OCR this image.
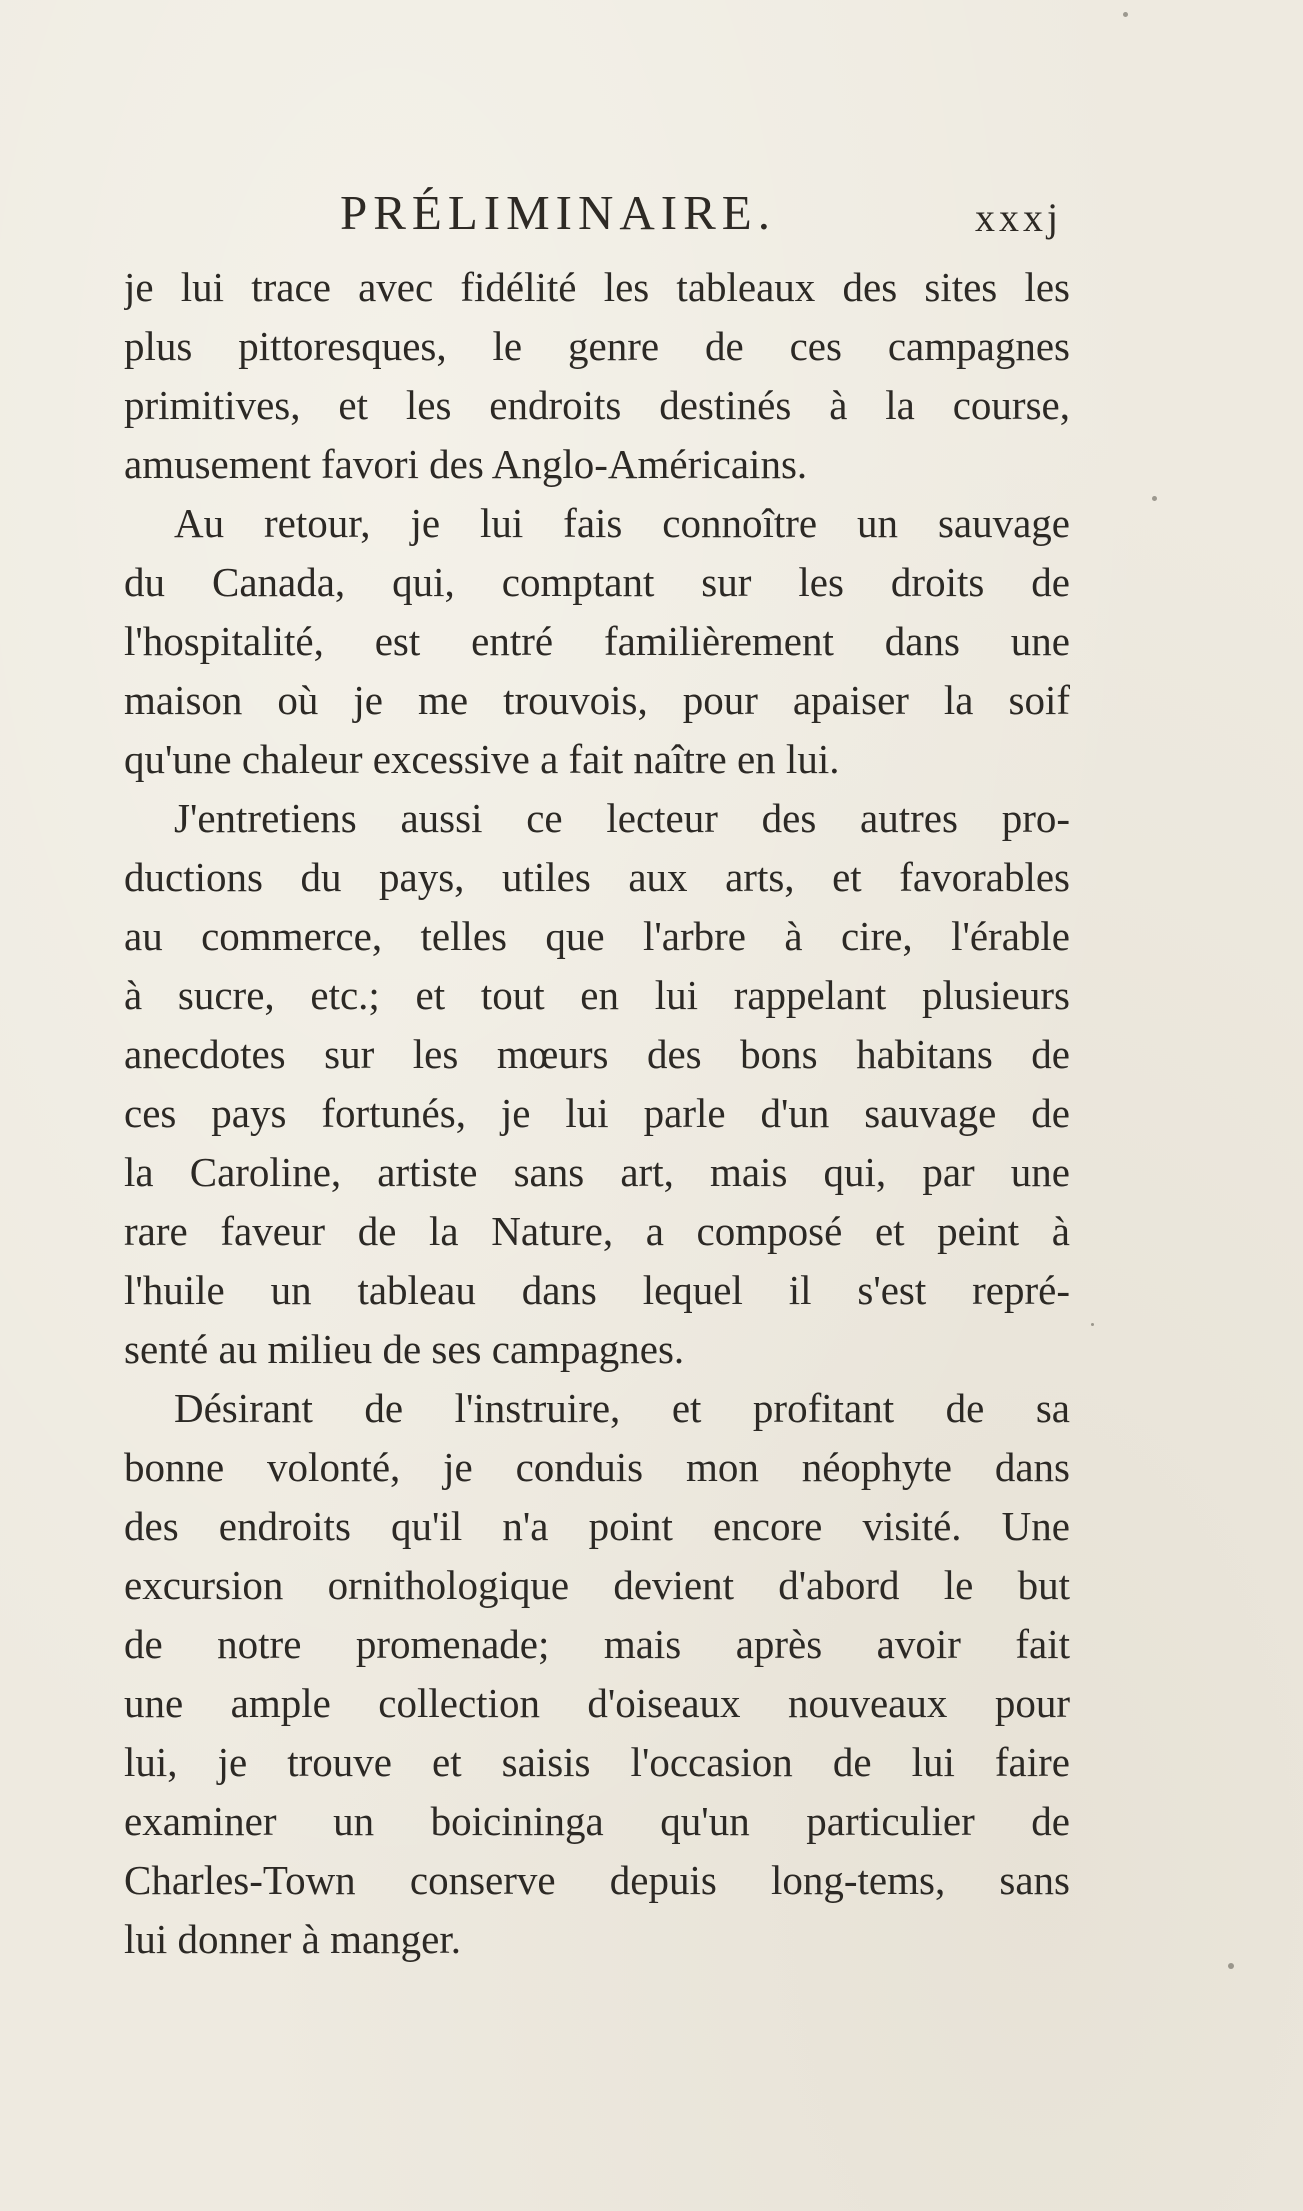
PRÉLIMINAIRE.	xxxj
je lui trace avec fidélité les tableaux des sites les
plus pittoresques, le genre de ces campagnes
primitives, et les endroits destinés à la course,
amusement favori des Anglo-Américains.
Au retour, je lui fais connoître un sauvage
du Canada, qui, comptant sur les droits de
l'hospitalité, est entré familièrement dans une
maison où je me trouvois, pour apaiser la soif
qu'une chaleur excessive a fait naître en lui.
J'entretiens aussi ce lecteur des autres pro-
ductions du pays, utiles aux arts, et favorables
au commerce, telles que l'arbre à cire, l'érable
à sucre, etc.; et tout en lui rappelant plusieurs
anecdotes sur les mœurs des bons habitans de
ces pays fortunés, je lui parle d'un sauvage de
la Caroline, artiste sans art, mais qui, par une
rare faveur de la Nature, a composé et peint à
l'huile un tableau dans lequel il s'est repré-
senté au milieu de ses campagnes.
Désirant de l'instruire, et profitant de sa
bonne volonté, je conduis mon néophyte dans
des endroits qu'il n'a point encore visité. Une
excursion ornithologique devient d'abord le but
de notre promenade; mais après avoir fait
une ample collection d'oiseaux nouveaux pour
lui, je trouve et saisis l'occasion de lui faire
examiner un boicininga qu'un particulier de
Charles-Town conserve depuis long-tems, sans
lui donner à manger.
